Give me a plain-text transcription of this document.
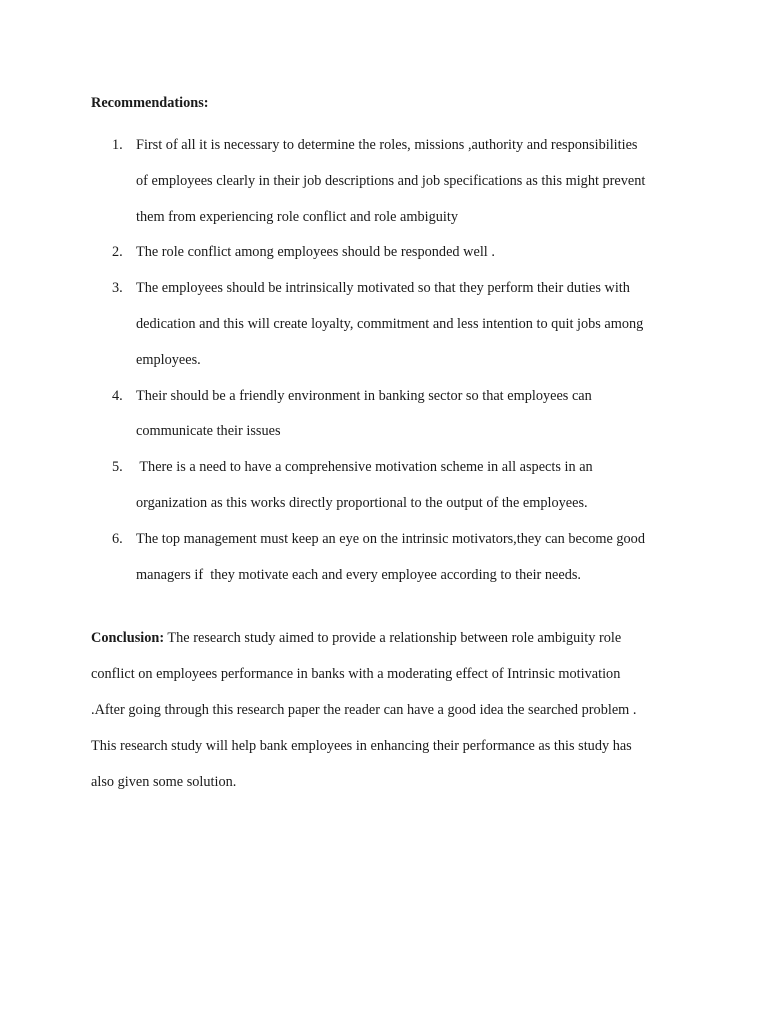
Recommendations:
1. First of all it is necessary to determine the roles, missions ,authority and responsibilities
of employees clearly in their job descriptions and job specifications as this might prevent
them from experiencing role conflict and role ambiguity
2. The role conflict among employees should be responded well .
3. The employees should be intrinsically motivated so that they perform their duties with
dedication and this will create loyalty, commitment and less intention to quit jobs among
employees.
4. Their should be a friendly environment in banking sector so that employees can
communicate their issues
5. There is a need to have a comprehensive motivation scheme in all aspects in an
organization as this works directly proportional to the output of the employees.
6. The top management must keep an eye on the intrinsic motivators,they can become good
managers if  they motivate each and every employee according to their needs.
Conclusion: The research study aimed to provide a relationship between role ambiguity role
conflict on employees performance in banks with a moderating effect of Intrinsic motivation
.After going through this research paper the reader can have a good idea the searched problem .
This research study will help bank employees in enhancing their performance as this study has
also given some solution.
